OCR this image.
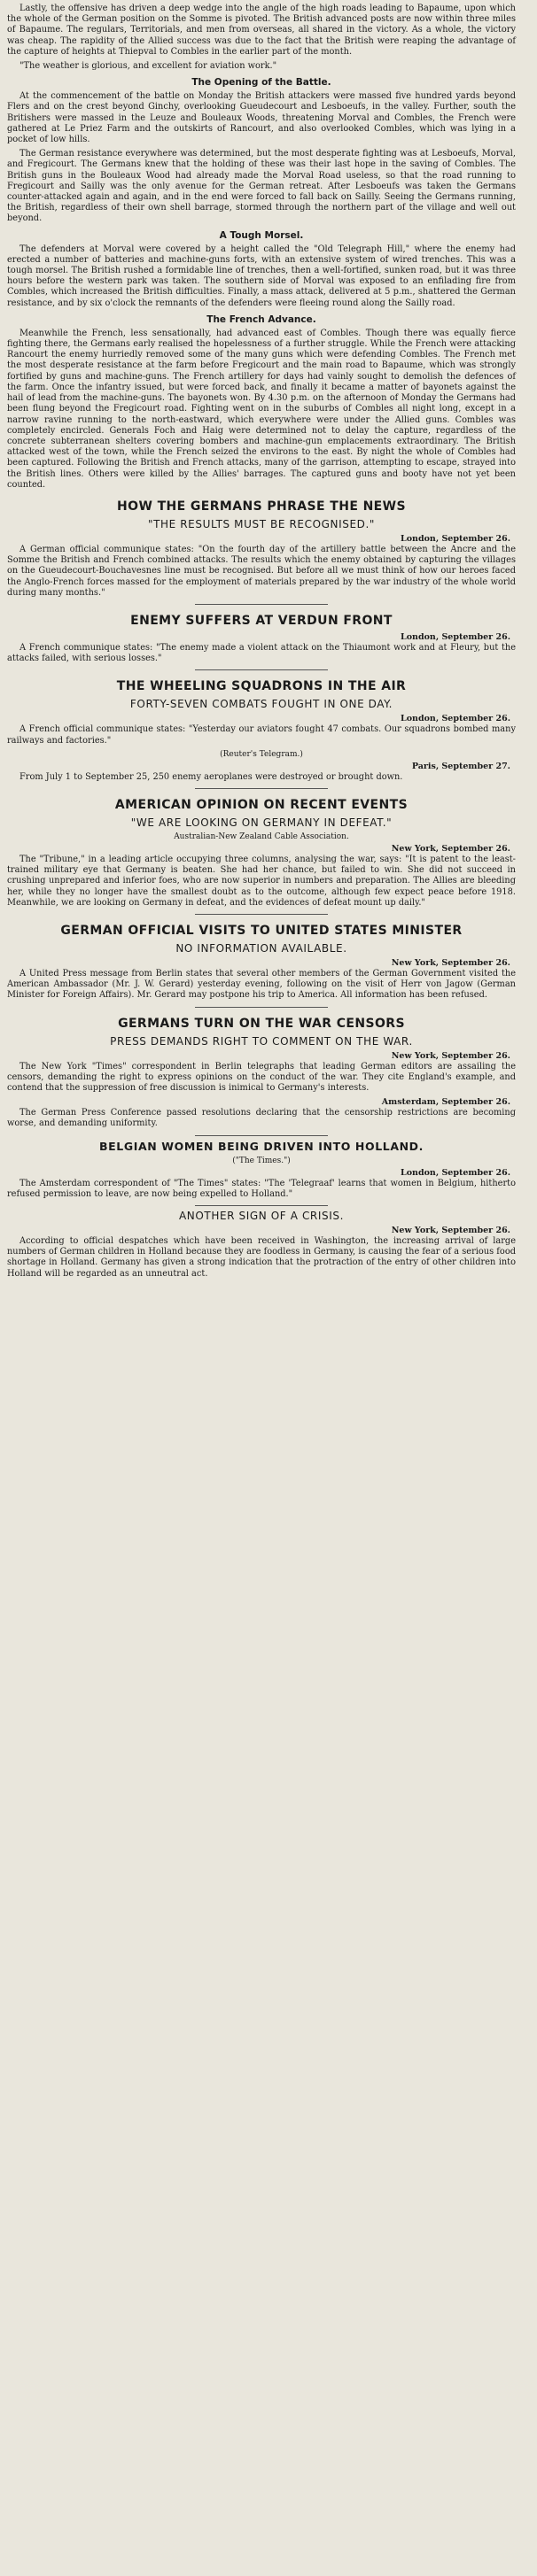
Lastly, the offensive has driven a deep wedge into the angle of the high roads leading to Bapaume, upon which the whole of the German position on the Somme is pivoted. The British advanced posts are now within three miles of Bapaume. The regulars, Territorials, and men from overseas, all shared in the victory. As a whole, the victory was cheap. The rapidity of the Allied success was due to the fact that the British were reaping the advantage of the capture of heights at Thiepval to Combles in the earlier part of the month.

"The weather is glorious, and excellent for aviation work."

The Opening of the Battle.

At the commencement of the battle on Monday the British attackers were massed five hundred yards beyond Flers and on the crest beyond Ginchy, overlooking Gueudecourt and Lesboeufs, in the valley. Further, south the Britishers were massed in the Leuze and Bouleaux Woods, threatening Morval and Combles, the French were gathered at Le Priez Farm and the outskirts of Rancourt, and also overlooked Combles, which was lying in a pocket of low hills.

The German resistance everywhere was determined, but the most desperate fighting was at Lesboeufs, Morval, and Fregicourt. The Germans knew that the holding of these was their last hope in the saving of Combles. The British guns in the Bouleaux Wood had already made the Morval Road useless, so that the road running to Fregicourt and Sailly was the only avenue for the German retreat. After Lesboeufs was taken the Germans counter-attacked again and again, and in the end were forced to fall back on Sailly. Seeing the Germans running, the British, regardless of their own shell barrage, stormed through the northern part of the village and well out beyond.

A Tough Morsel.

The defenders at Morval were covered by a height called the "Old Telegraph Hill," where the enemy had erected a number of batteries and machine-guns forts, with an extensive system of wired trenches. This was a tough morsel. The British rushed a formidable line of trenches, then a well-fortified, sunken road, but it was three hours before the western park was taken. The southern side of Morval was exposed to an enfilading fire from Combles, which increased the British difficulties. Finally, a mass attack, delivered at 5 p.m., shattered the German resistance, and by six o'clock the remnants of the defenders were fleeing round along the Sailly road.

The French Advance.

Meanwhile the French, less sensationally, had advanced east of Combles. Though there was equally fierce fighting there, the Germans early realised the hopelessness of a further struggle. While the French were attacking Rancourt the enemy hurriedly removed some of the many guns which were defending Combles. The French met the most desperate resistance at the farm before Fregicourt and the main road to Bapaume, which was strongly fortified by guns and machine-guns. The French artillery for days had vainly sought to demolish the defences of the farm. Once the infantry issued, but were forced back, and finally it became a matter of bayonets against the hail of lead from the machine-guns. The bayonets won. By 4.30 p.m. on the afternoon of Monday the Germans had been flung beyond the Fregicourt road. Fighting went on in the suburbs of Combles all night long, except in a narrow ravine running to the north-eastward, which everywhere were under the Allied guns. Combles was completely encircled. Generals Foch and Haig were determined not to delay the capture, regardless of the concrete subterranean shelters covering bombers and machine-gun emplacements extraordinary. The British attacked west of the town, while the French seized the environs to the east. By night the whole of Combles had been captured. Following the British and French attacks, many of the garrison, attempting to escape, strayed into the British lines. Others were killed by the Allies' barrages. The captured guns and booty have not yet been counted.

HOW THE GERMANS PHRASE THE NEWS
"THE RESULTS MUST BE RECOGNISED."
London, September 26.

A German official communique states: "On the fourth day of the artillery battle between the Ancre and the Somme the British and French combined attacks. The results which the enemy obtained by capturing the villages on the Gueudecourt-Bouchavesnes line must be recognised. But before all we must think of how our heroes faced the Anglo-French forces massed for the employment of materials prepared by the war industry of the whole world during many months."

ENEMY SUFFERS AT VERDUN FRONT
London, September 26.

A French communique states: "The enemy made a violent attack on the Thiaumont work and at Fleury, but the attacks failed, with serious losses."

THE WHEELING SQUADRONS IN THE AIR
FORTY-SEVEN COMBATS FOUGHT IN ONE DAY.
London, September 26.

A French official communique states: "Yesterday our aviators fought 47 combats. Our squadrons bombed many railways and factories."

(Reuter's Telegram.)
Paris, September 27.

From July 1 to September 25, 250 enemy aeroplanes were destroyed or brought down.

AMERICAN OPINION ON RECENT EVENTS
"WE ARE LOOKING ON GERMANY IN DEFEAT."
Australian-New Zealand Cable Association.
New York, September 26.

The "Tribune," in a leading article occupying three columns, analysing the war, says: "It is patent to the least-trained military eye that Germany is beaten. She had her chance, but failed to win. She did not succeed in crushing unprepared and inferior foes, who are now superior in numbers and preparation. The Allies are bleeding her, while they no longer have the smallest doubt as to the outcome, although few expect peace before 1918. Meanwhile, we are looking on Germany in defeat, and the evidences of defeat mount up daily."

GERMAN OFFICIAL VISITS TO UNITED STATES MINISTER
NO INFORMATION AVAILABLE.
New York, September 26.

A United Press message from Berlin states that several other members of the German Government visited the American Ambassador (Mr. J. W. Gerard) yesterday evening, following on the visit of Herr von Jagow (German Minister for Foreign Affairs). Mr. Gerard may postpone his trip to America. All information has been refused.

GERMANS TURN ON THE WAR CENSORS
PRESS DEMANDS RIGHT TO COMMENT ON THE WAR.
New York, September 26.

The New York "Times" correspondent in Berlin telegraphs that leading German editors are assailing the censors, demanding the right to express opinions on the conduct of the war. They cite England's example, and contend that the suppression of free discussion is inimical to Germany's interests.

Amsterdam, September 26.

The German Press Conference passed resolutions declaring that the censorship restrictions are becoming worse, and demanding uniformity.

BELGIAN WOMEN BEING DRIVEN INTO HOLLAND.
("The Times.")
London, September 26.

The Amsterdam correspondent of "The Times" states: "The 'Telegraaf' learns that women in Belgium, hitherto refused permission to leave, are now being expelled to Holland."

ANOTHER SIGN OF A CRISIS.
New York, September 26.

According to official despatches which have been received in Washington, the increasing arrival of large numbers of German children in Holland because they are foodless in Germany, is causing the fear of a serious food shortage in Holland. Germany has given a strong indication that the protraction of the entry of other children into Holland will be regarded as an unneutral act.
